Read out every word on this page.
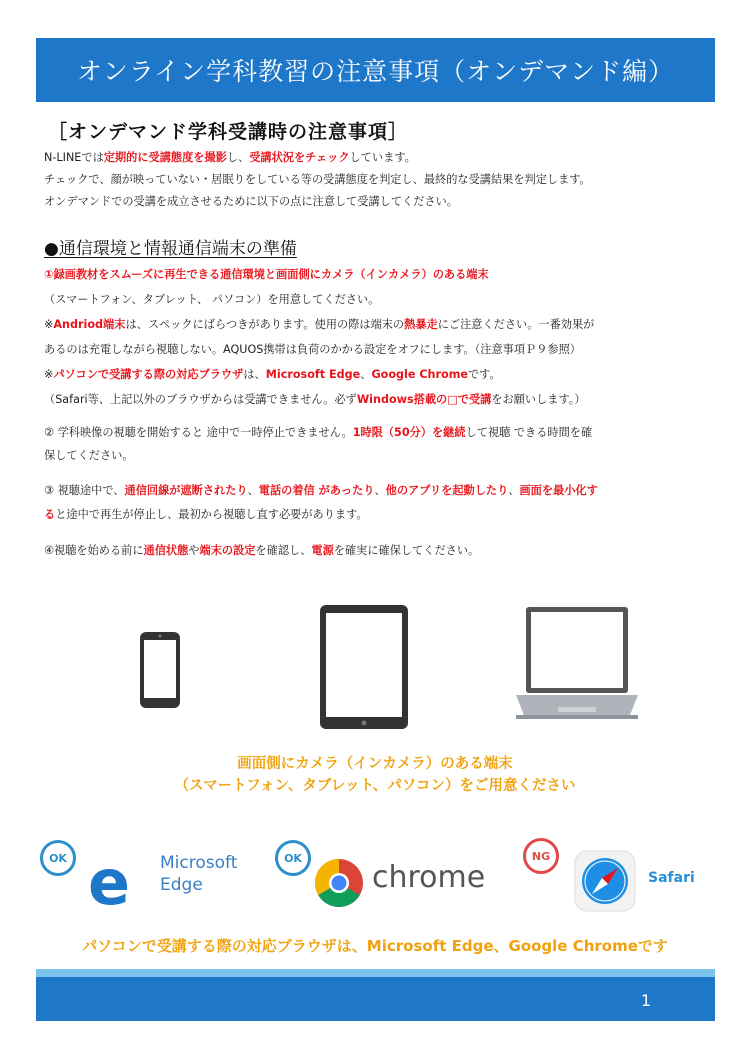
オンライン学科教習の注意事項（オンデマンド編）
［オンデマンド学科受講時の注意事項］
N-LINEでは定期的に受講態度を撮影し、受講状況をチェックしています。
チェックで、顔が映っていない・居眠りをしている等の受講態度を判定し、最終的な受講結果を判定します。
オンデマンドでの受講を成立させるために以下の点に注意して受講してください。
●通信環境と情報通信端末の準備
①録画教材をスムーズに再生できる通信環境と画面側にカメラ（インカメラ）のある端末
（スマートフォン、タブレット、 パソコン）を用意してください。
※Andriod端末は、スペックにばらつきがあります。使用の際は端末の熱暴走にご注意ください。一番効果が
あるのは充電しながら視聴しない。AQUOS携帯は負荷のかかる設定をオフにします。（注意事項Ｐ９参照）
※パソコンで受講する際の対応ブラウザは、Microsoft Edge、Google Chromeです。
（Safari等、上記以外のブラウザからは受講できません。必ずWindows搭載の□で受講をお願いします。）
② 学科映像の視聴を開始すると 途中で一時停止できません。1時限（50分）を継続して視聴 できる時間を確
保してください。
③ 視聴途中で、通信回線が遮断されたり、電話の着信 があったり、他のアプリを起動したり、画面を最小化す
ると途中で再生が停止し、最初から視聴し直す必要があります。
④視聴を始める前に通信状態や端末の設定を確認し、電源を確実に確保してください。
画面側にカメラ（インカメラ）のある端末
（スマートフォン、タブレット、パソコン）をご用意ください
OK e Microsoft
Edge
OK
chrome
NG
Safari
パソコンで受講する際の対応ブラウザは、Microsoft Edge、Google Chromeです
1
